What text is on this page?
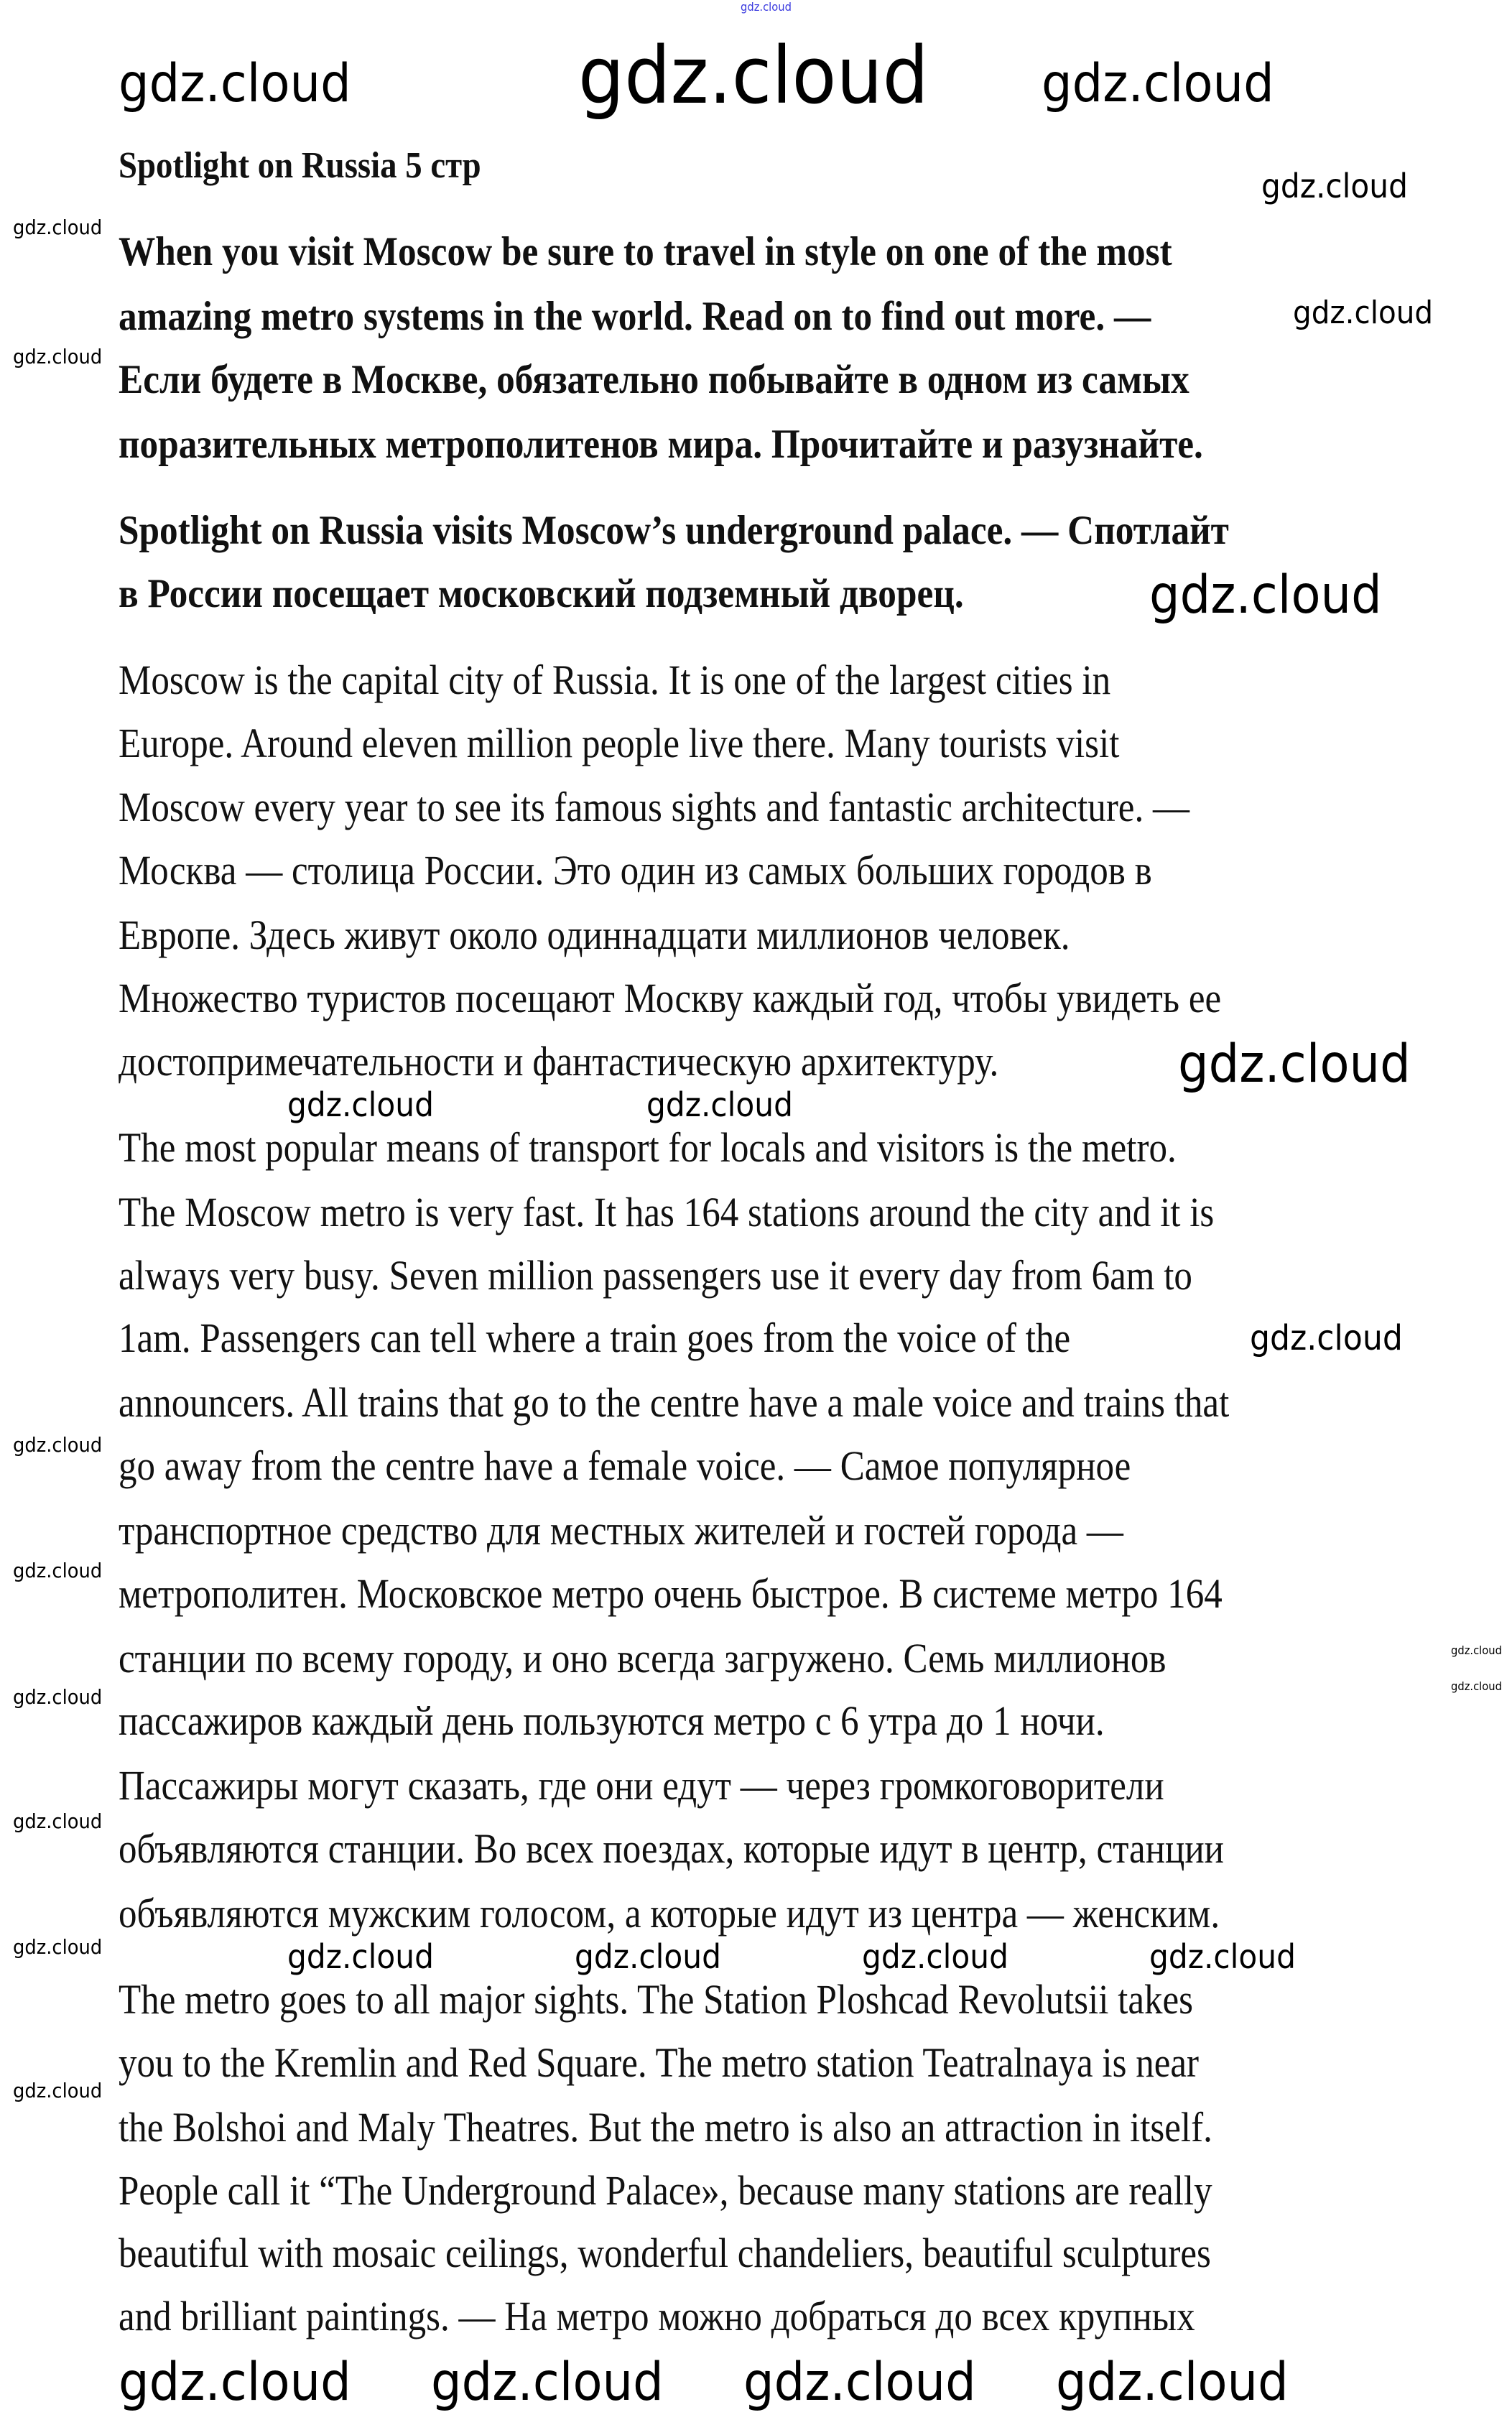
Spotlight on Russia 5 стр
When you visit Moscow be sure to travel in style on one of the most
amazing metro systems in the world. Read on to find out more. —
Если будете в Москве, обязательно побывайте в одном из самых
поразительных метрополитенов мира. Прочитайте и разузнайте.
Spotlight on Russia visits Moscow’s underground palace. — Спотлайт
в России посещает московский подземный дворец.
Moscow is the capital city of Russia. It is one of the largest cities in
Europe. Around eleven million people live there. Many tourists visit
Moscow every year to see its famous sights and fantastic architecture. —
Москва — столица России. Это один из самых больших городов в
Европе. Здесь живут около одиннадцати миллионов человек.
Множество туристов посещают Москву каждый год, чтобы увидеть ее
достопримечательности и фантастическую архитектуру.
The most popular means of transport for locals and visitors is the metro.
The Moscow metro is very fast. It has 164 stations around the city and it is
always very busy. Seven million passengers use it every day from 6am to
1am. Passengers can tell where a train goes from the voice of the
announcers. All trains that go to the centre have a male voice and trains that
go away from the centre have a female voice. — Самое популярное
транспортное средство для местных жителей и гостей города —
метрополитен. Московское метро очень быстрое. В системе метро 164
станции по всему городу, и оно всегда загружено. Семь миллионов
пассажиров каждый день пользуются метро с 6 утра до 1 ночи.
Пассажиры могут сказать, где они едут — через громкоговорители
объявляются станции. Во всех поездах, которые идут в центр, станции
объявляются мужским голосом, а которые идут из центра — женским.
The metro goes to all major sights. The Station Ploshcad Revolutsii takes
you to the Kremlin and Red Square. The metro station Teatralnaya is near
the Bolshoi and Maly Theatres. But the metro is also an attraction in itself.
People call it “The Underground Palace», because many stations are really
beautiful with mosaic ceilings, wonderful chandeliers, beautiful sculptures
and brilliant paintings. — На метро можно добраться до всех крупных
gdz.cloud
gdz.cloud
gdz.cloud
gdz.cloud	gdz.cloud
gdz.cloud
gdz.cloud
gdz.cloud
gdz.cloud
gdz.cloud
gdz.cloud	gdz.cloud
gdz.cloud
gdz.cloud
gdz.cloud
gdz.cloud
gdz.cloud
gdz.cloud
gdz.cloud
gdz.cloud
gdz.cloud
gdz.cloud	gdz.cloud	gdz.cloud	gdz.cloud
gdz.cloud gdz.cloud gdz.cloud gdz.cloud
